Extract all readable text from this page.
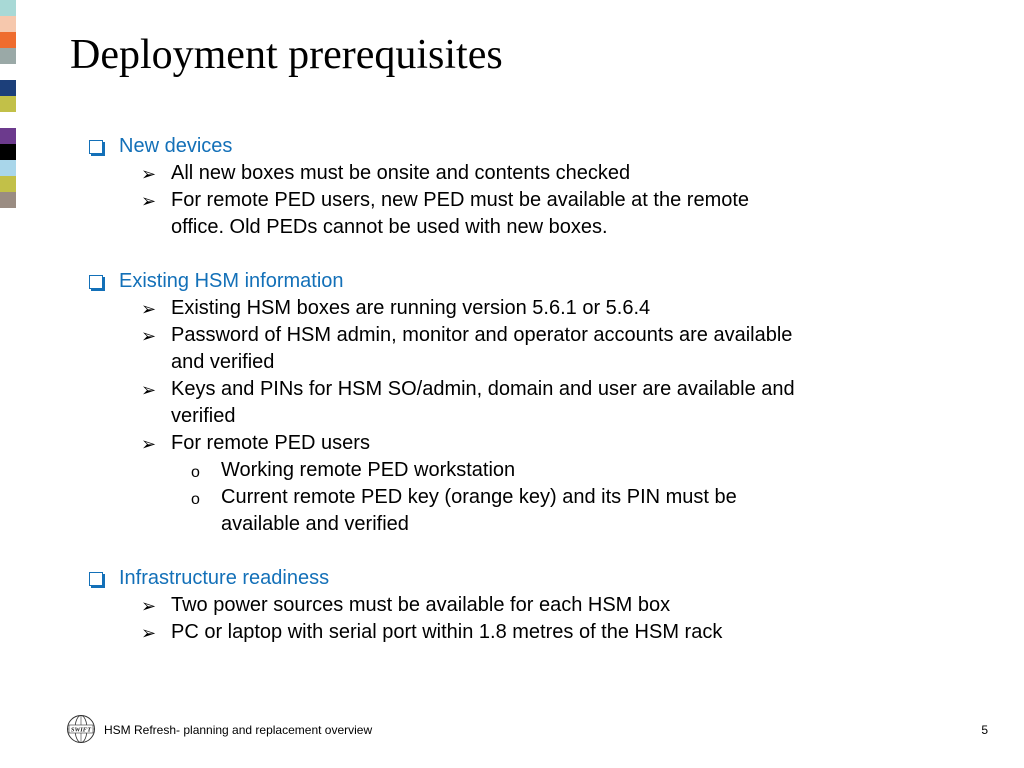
Deployment prerequisites
New devices
➢ All new boxes must be onsite and contents checked
➢ For remote PED users, new PED must be available at the remote
office. Old PEDs cannot be used with new boxes.
Existing HSM information
➢ Existing HSM boxes are running version 5.6.1 or 5.6.4
➢ Password of HSM admin, monitor and operator accounts are available
and verified
➢ Keys and PINs for HSM SO/admin, domain and user are available and
verified
➢ For remote PED users
o Working remote PED workstation
o Current remote PED key (orange key) and its PIN must be
available and verified
Infrastructure readiness
➢ Two power sources must be available for each HSM box
➢ PC or laptop with serial port within 1.8 metres of the HSM rack
SWIFT HSM Refresh- planning and replacement overview	5
